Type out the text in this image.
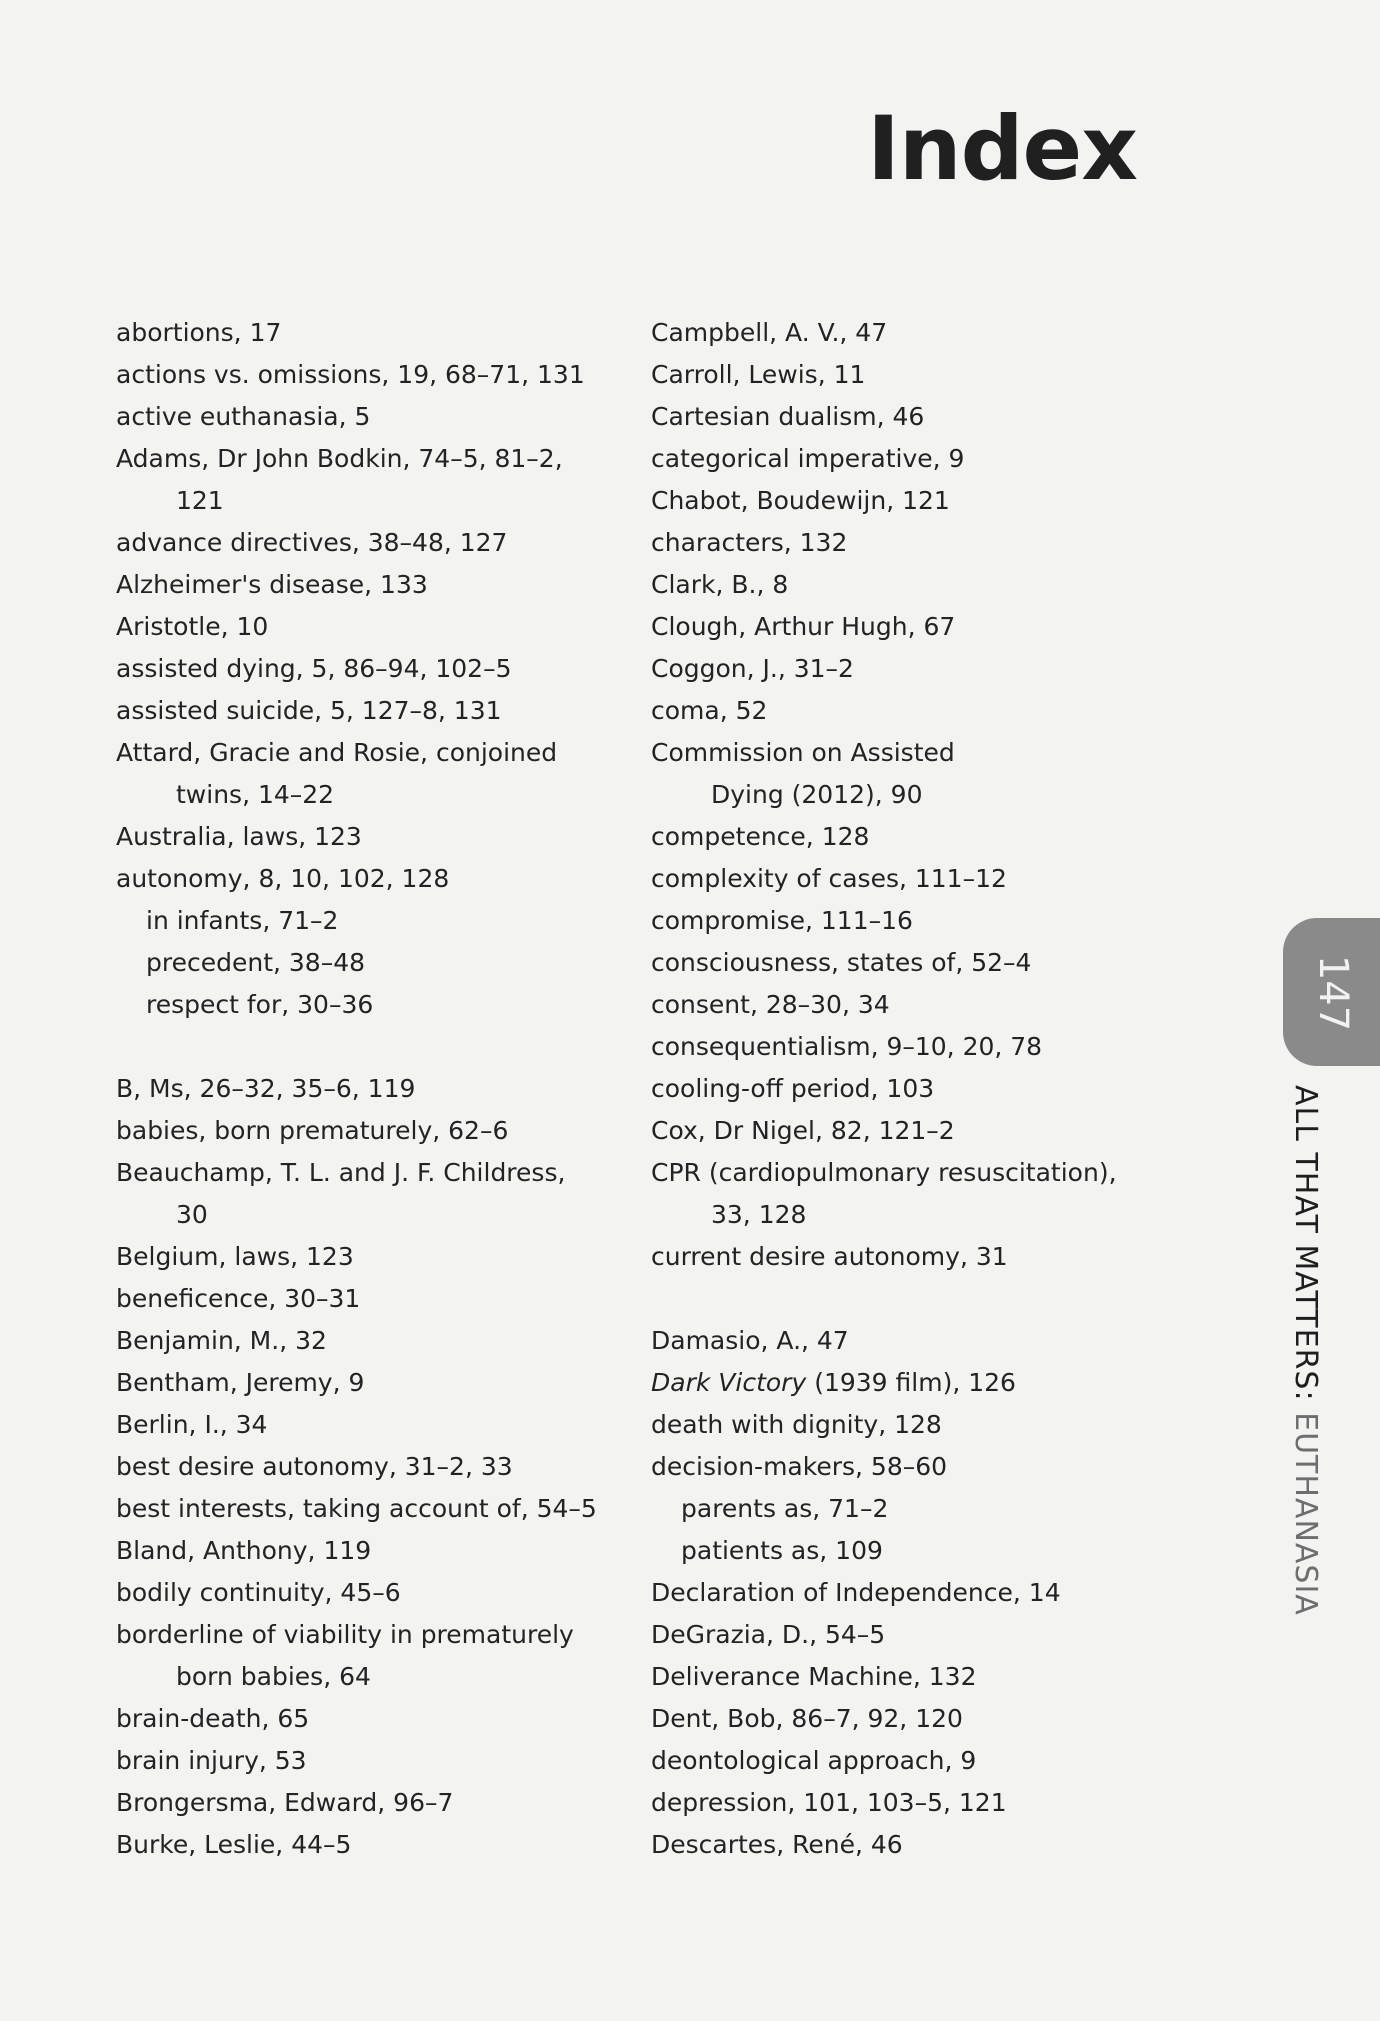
Index
abortions, 17
actions vs. omissions, 19, 68–71, 131
active euthanasia, 5
Adams, Dr John Bodkin, 74–5, 81–2,
121
advance directives, 38–48, 127
Alzheimer's disease, 133
Aristotle, 10
assisted dying, 5, 86–94, 102–5
assisted suicide, 5, 127–8, 131
Attard, Gracie and Rosie, conjoined
twins, 14–22
Australia, laws, 123
autonomy, 8, 10, 102, 128
in infants, 71–2
precedent, 38–48
respect for, 30–36
B, Ms, 26–32, 35–6, 119
babies, born prematurely, 62–6
Beauchamp, T. L. and J. F. Childress,
30
Belgium, laws, 123
beneficence, 30–31
Benjamin, M., 32
Bentham, Jeremy, 9
Berlin, I., 34
best desire autonomy, 31–2, 33
best interests, taking account of, 54–5
Bland, Anthony, 119
bodily continuity, 45–6
borderline of viability in prematurely
born babies, 64
brain-death, 65
brain injury, 53
Brongersma, Edward, 96–7
Burke, Leslie, 44–5
Campbell, A. V., 47
Carroll, Lewis, 11
Cartesian dualism, 46
categorical imperative, 9
Chabot, Boudewijn, 121
characters, 132
Clark, B., 8
Clough, Arthur Hugh, 67
Coggon, J., 31–2
coma, 52
Commission on Assisted
Dying (2012), 90
competence, 128
complexity of cases, 111–12
compromise, 111–16
consciousness, states of, 52–4
consent, 28–30, 34
consequentialism, 9–10, 20, 78
cooling-off period, 103
Cox, Dr Nigel, 82, 121–2
CPR (cardiopulmonary resuscitation),
33, 128
current desire autonomy, 31
Damasio, A., 47
Dark Victory (1939 film), 126
death with dignity, 128
decision-makers, 58–60
parents as, 71–2
patients as, 109
Declaration of Independence, 14
DeGrazia, D., 54–5
Deliverance Machine, 132
Dent, Bob, 86–7, 92, 120
deontological approach, 9
depression, 101, 103–5, 121
Descartes, René, 46
147
ALL THAT MATTERS: EUTHANASIA
